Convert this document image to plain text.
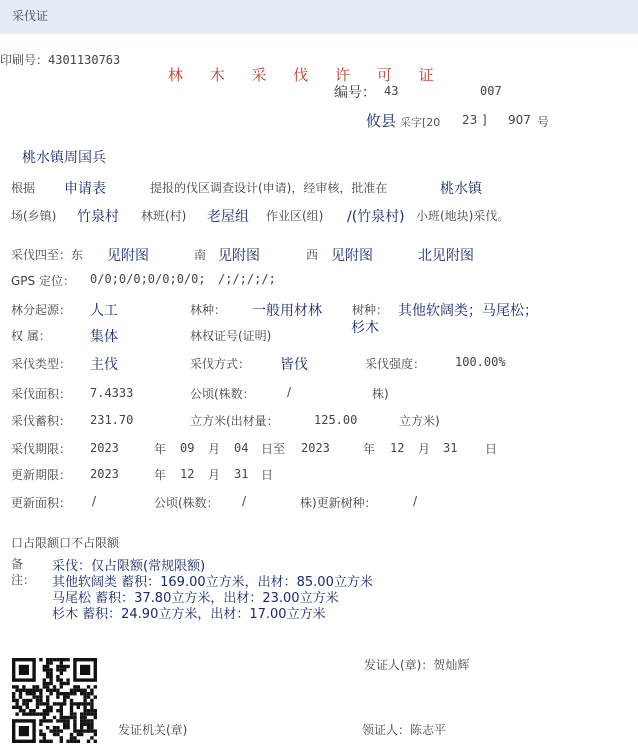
采伐证
印刷号：4301130763
林 木 采 伐 许 可 证
编号： 43	007
攸县 采字[20 23 ] 907 号
桃水镇周国兵
根据 申请表	提报的伐区调查设计(申请)，经审核，批准在	桃水镇
场(乡镇) 竹泉村 林班(村) 老屋组 作业区(组) /(竹泉村) 小班(地块)采伐。
采伐四至：东 见附图	南 见附图	西 见附图	北见附图
GPS 定位： 0/0;0/0;0/0;0/0; /;/;/;/;
林分起源： 人工	林种： 一般用材林	树种： 其他软阔类；马尾松；
杉木
权 属：	集体	林权证号(证明)
采伐类型： 主伐	采伐方式： 皆伐	采伐强度： 100.00%
采伐面积： 7.4333	公顷(株数：	/	株)
采伐蓄积： 231.70	立方米(出材量：	125.00	立方米)
采伐期限： 2023	年 09 月 04 日至 2023	年 12 月 31 日
更新期限： 2023	年 12 月 31 日
更新面积： /	公顷(株数： /	株)更新树种：	/
口占限额口不占限额
备
注：
采伐：仅占限额(常规限额)
其他软阔类 蓄积：169.00立方米，出材：85.00立方米
马尾松 蓄积：37.80立方米，出材：23.00立方米
杉木 蓄积：24.90立方米，出材：17.00立方米
发证人(章)：贺灿辉
发证机关(章)	领证人：陈志平
